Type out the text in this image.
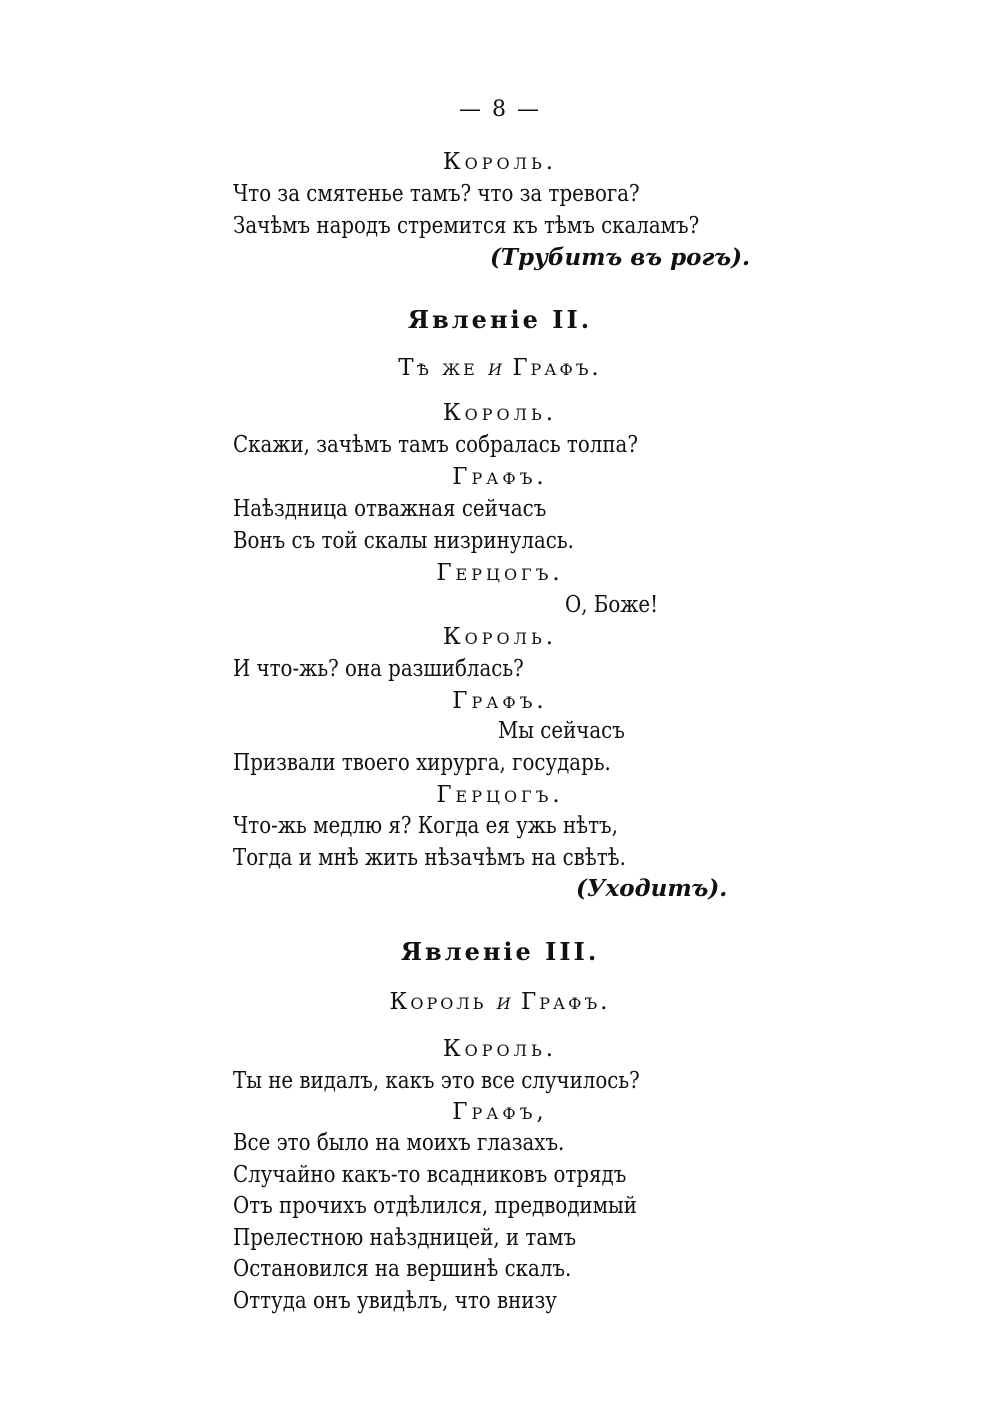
— 8 —
Король.
Что за смятенье тамъ? что за тревога?
Зачѣмъ народъ стремится къ тѣмъ скаламъ?
(Трубитъ въ рогъ).
Явленіе II.
Тѣ же и Графъ.
Король.
Скажи, зачѣмъ тамъ собралась толпа?
Графъ.
Наѣздница отважная сейчасъ
Вонъ съ той скалы низринулась.
Герцогъ.
О, Боже!
Король.
И что-жь? она разшиблась?
Графъ.
Мы сейчасъ
Призвали твоего хирурга, государь.
Герцогъ.
Что-жь медлю я? Когда ея ужь нѣтъ,
Тогда и мнѣ жить нѣзачѣмъ на свѣтѣ.
(Уходитъ).
Явленіе III.
Король и Графъ.
Король.
Ты не видалъ, какъ это все случилось?
Графъ,
Все это было на моихъ глазахъ.
Случайно какъ-то всадниковъ отрядъ
Отъ прочихъ отдѣлился, предводимый
Прелестною наѣздницей, и тамъ
Остановился на вершинѣ скалъ.
Оттуда онъ увидѣлъ, что внизу
